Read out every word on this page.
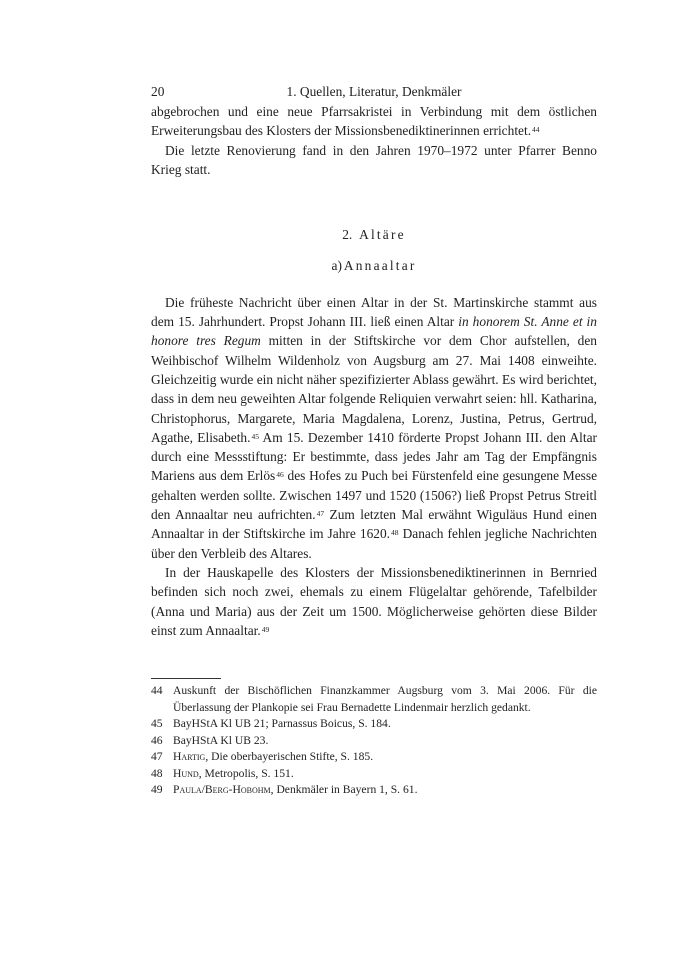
20	1. Quellen, Literatur, Denkmäler

abgebrochen und eine neue Pfarrsakristei in Verbindung mit dem östlichen Erweiterungsbau des Klosters der Missionsbenediktinerinnen errichtet.$^{44}$

Die letzte Renovierung fand in den Jahren 1970–1972 unter Pfarrer Benno Krieg statt.

2. Altäre
a) Annaaltar

Die früheste Nachricht über einen Altar in der St. Martinskirche stammt aus dem 15. Jahrhundert. Propst Johann III. ließ einen Altar in honorem St. Anne et in honore tres Regum mitten in der Stiftskirche vor dem Chor aufstellen, den Weihbischof Wilhelm Wildenholz von Augsburg am 27. Mai 1408 einweihte. Gleichzeitig wurde ein nicht näher spezifizierter Ablass gewährt. Es wird berichtet, dass in dem neu geweihten Altar folgende Reliquien verwahrt seien: hll. Katharina, Christophorus, Margarete, Maria Magdalena, Lorenz, Justina, Petrus, Gertrud, Agathe, Elisabeth.$^{45}$ Am 15. Dezember 1410 förderte Propst Johann III. den Altar durch eine Messstiftung: Er bestimmte, dass jedes Jahr am Tag der Empfängnis Mariens aus dem Erlös$^{46}$ des Hofes zu Puch bei Fürstenfeld eine gesungene Messe gehalten werden sollte. Zwischen 1497 und 1520 (1506?) ließ Propst Petrus Streitl den Annaaltar neu aufrichten.$^{47}$ Zum letzten Mal erwähnt Wiguläus Hund einen Annaaltar in der Stiftskirche im Jahre 1620.48 Danach fehlen jegliche Nachrichten über den Verbleib des Altares.

In der Hauskapelle des Klosters der Missionsbenediktinerinnen in Bernried befinden sich noch zwei, ehemals zu einem Flügelaltar gehörende, Tafelbilder (Anna und Maria) aus der Zeit um 1500. Möglicherweise gehörten diese Bilder einst zum Annaaltar.$^{49}$

44 Auskunft der Bischöflichen Finanzkammer Augsburg vom 3. Mai 2006. Für die Überlassung der Plankopie sei Frau Bernadette Lindenmair herzlich gedankt.
45 BayHStA Kl UB 21; Parnassus Boicus, S. 184.
46 BayHStA Kl UB 23.
47 Hartig, Die oberbayerischen Stifte, S. 185.
48 Hund, Metropolis, S. 151.
49 Paula/Berg-Hobohm, Denkmäler in Bayern 1, S. 61.
